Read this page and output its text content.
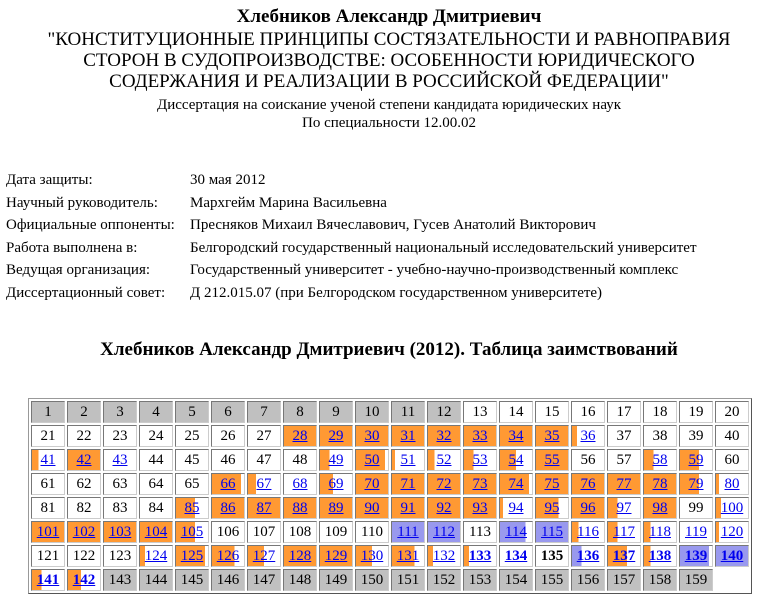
Хлебников Александр Дмитриевич
"КОНСТИТУЦИОННЫЕ ПРИНЦИПЫ СОСТЯЗАТЕЛЬНОСТИ И РАВНОПРАВИЯ
СТОРОН В СУДОПРОИЗВОДСТВЕ: ОСОБЕННОСТИ ЮРИДИЧЕСКОГО
СОДЕРЖАНИЯ И РЕАЛИЗАЦИИ В РОССИЙСКОЙ ФЕДЕРАЦИИ"
Диссертация на соискание ученой степени кандидата юридических наук
По специальности 12.00.02
Дата защиты:	30 мая 2012
Научный руководитель:	Мархгейм Марина Васильевна
Официальные оппоненты:	Пресняков Михаил Вячеславович, Гусев Анатолий Викторович
Работа выполнена в:	Белгородский государственный национальный исследовательский университет
Ведущая организация:	Государственный университет - учебно-научно-производственный комплекс
Диссертационный совет:	Д 212.015.07 (при Белгородском государственном университете)
Хлебников Александр Дмитриевич (2012). Таблица заимствований
1	2	3	4	5	6	7	8	9	10	11	12	13	14	15	16	17	18	19	20
21	22	23	24	25	26	27	28	29	30	31	32	33	34	35	36	37	38	39	40
41	42	43	44	45	46	47	48	49	50	51	52	53	54	55	56	57	58	59	60
61	62	63	64	65	66	67	68	69	70	71	72	73	74	75	76	77	78	79	80
81	82	83	84	85	86	87	88	89	90	91	92	93	94	95	96	97	98	99	100
101	102	103	104	105	106	107	108	109	110	111	112	113	114	115	116	117	118	119	120
121	122	123	124	125	126	127	128	129	130	131	132	133	134	135	136	137	138	139	140
141	142	143	144	145	146	147	148	149	150	151	152	153	154	155	156	157	158	159	
